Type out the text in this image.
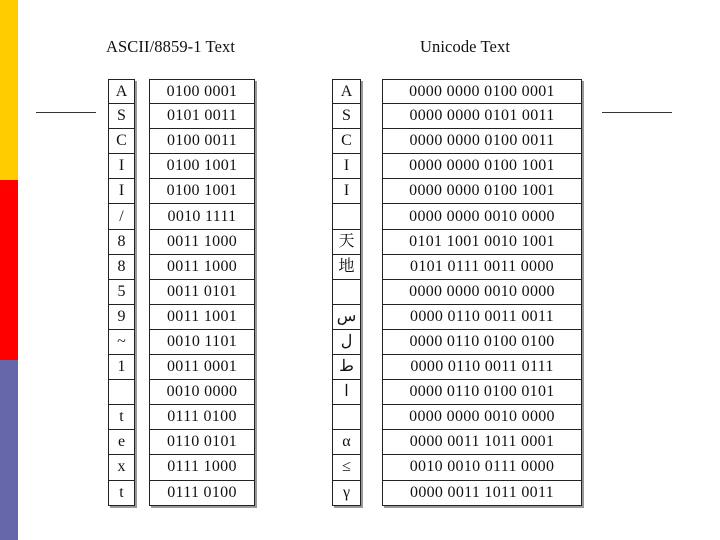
ASCII/8859-1 Text	Unicode Text
A
S
C
I
I
/
8
8
5
9
~
1
t
e
x
t
0100 0001
0101 0011
0100 0011
0100 1001
0100 1001
0010 1111
0011 1000
0011 1000
0011 0101
0011 1001
0010 1101
0011 0001
0010 0000
0111 0100
0110 0101
0111 1000
0111 0100
A
S
C
I
I
天
地
س
ل
ط
ا
α
≤
γ
0000 0000 0100 0001
0000 0000 0101 0011
0000 0000 0100 0011
0000 0000 0100 1001
0000 0000 0100 1001
0000 0000 0010 0000
0101 1001 0010 1001
0101 0111 0011 0000
0000 0000 0010 0000
0000 0110 0011 0011
0000 0110 0100 0100
0000 0110 0011 0111
0000 0110 0100 0101
0000 0000 0010 0000
0000 0011 1011 0001
0010 0010 0111 0000
0000 0011 1011 0011
